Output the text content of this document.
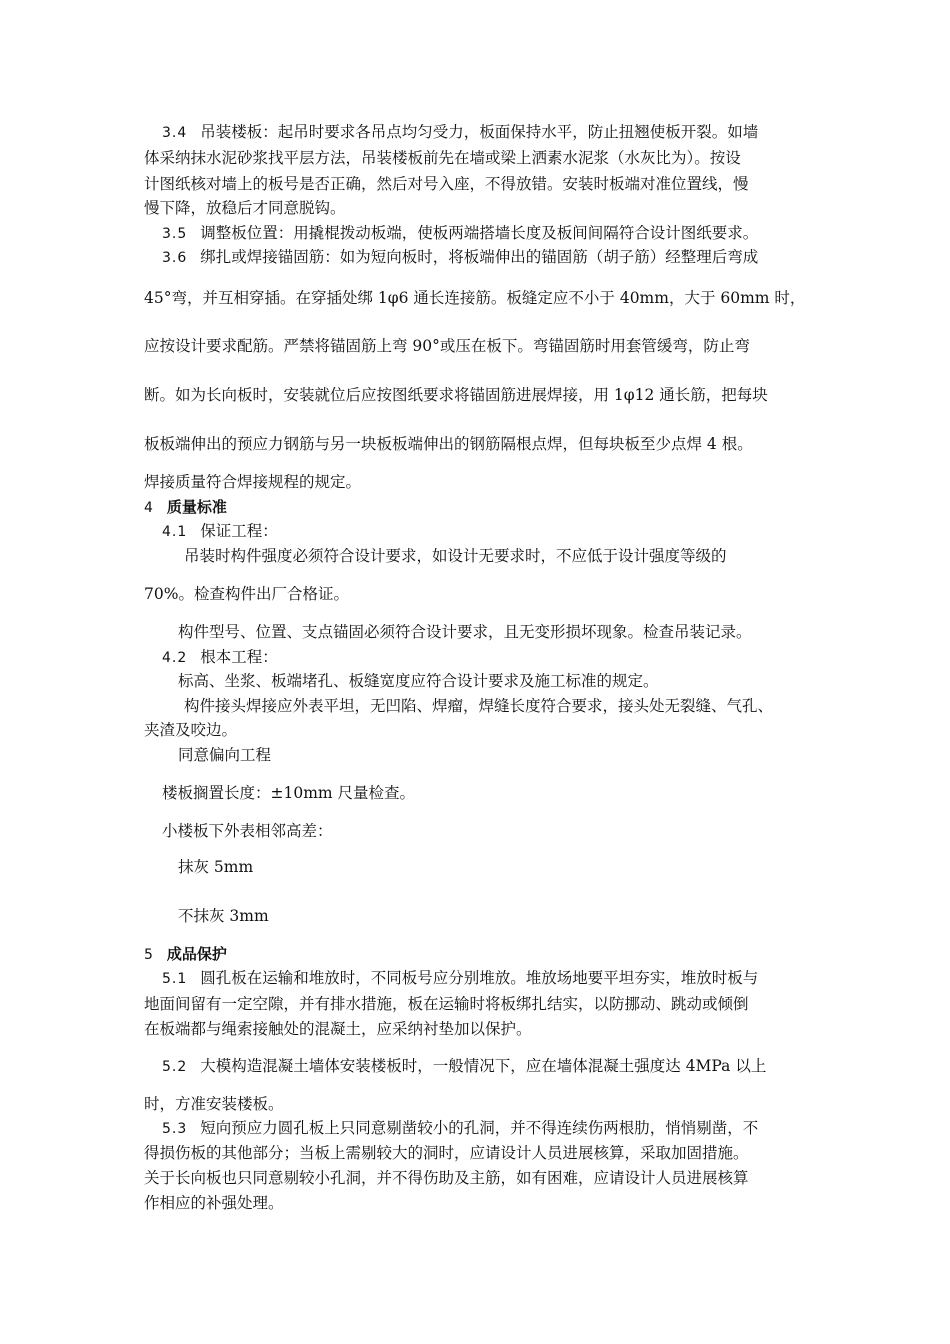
3.4 吊装楼板：起吊时要求各吊点均匀受力，板面保持水平，防止扭翘使板开裂。如墙

体采纳抹水泥砂浆找平层方法，吊装楼板前先在墙或梁上洒素水泥浆（水灰比为）。按设

计图纸核对墙上的板号是否正确，然后对号入座，不得放错。安装时板端对准位置线，慢

慢下降，放稳后才同意脱钩。

3.5 调整板位置：用撬棍拨动板端，使板两端搭墙长度及板间间隔符合设计图纸要求。

3.6 绑扎或焊接锚固筋：如为短向板时，将板端伸出的锚固筋（胡子筋）经整理后弯成

45°弯，并互相穿插。在穿插处绑 1φ6 通长连接筋。板缝定应不小于 40mm，大于 60mm 时，

应按设计要求配筋。严禁将锚固筋上弯 90°或压在板下。弯锚固筋时用套管缓弯，防止弯

断。如为长向板时，安装就位后应按图纸要求将锚固筋进展焊接，用 1φ12 通长筋，把每块

板板端伸出的预应力钢筋与另一块板板端伸出的钢筋隔根点焊，但每块板至少点焊 4 根。

焊接质量符合焊接规程的规定。

4 质量标准

4.1 保证工程：

吊装时构件强度必须符合设计要求，如设计无要求时，不应低于设计强度等级的

70%。检查构件出厂合格证。

构件型号、位置、支点锚固必须符合设计要求，且无变形损坏现象。检查吊装记录。

4.2 根本工程：

标高、坐浆、板端堵孔、板缝宽度应符合设计要求及施工标准的规定。

构件接头焊接应外表平坦，无凹陷、焊瘤，焊缝长度符合要求，接头处无裂缝、气孔、

夹渣及咬边。

同意偏向工程

楼板搁置长度：±10mm 尺量检查。

小楼板下外表相邻高差：

抹灰 5mm

不抹灰 3mm

5 成品保护

5.1 圆孔板在运输和堆放时，不同板号应分别堆放。堆放场地要平坦夯实，堆放时板与

地面间留有一定空隙，并有排水措施，板在运输时将板绑扎结实，以防挪动、跳动或倾倒

在板端都与绳索接触处的混凝土，应采纳衬垫加以保护。

5.2 大模构造混凝土墙体安装楼板时，一般情况下，应在墙体混凝土强度达 4MPa 以上

时，方准安装楼板。

5.3 短向预应力圆孔板上只同意剔凿较小的孔洞，并不得连续伤两根肋，悄悄剔凿，不

得损伤板的其他部分；当板上需剔较大的洞时，应请设计人员进展核算，采取加固措施。

关于长向板也只同意剔较小孔洞，并不得伤助及主筋，如有困难，应请设计人员进展核算

作相应的补强处理。
